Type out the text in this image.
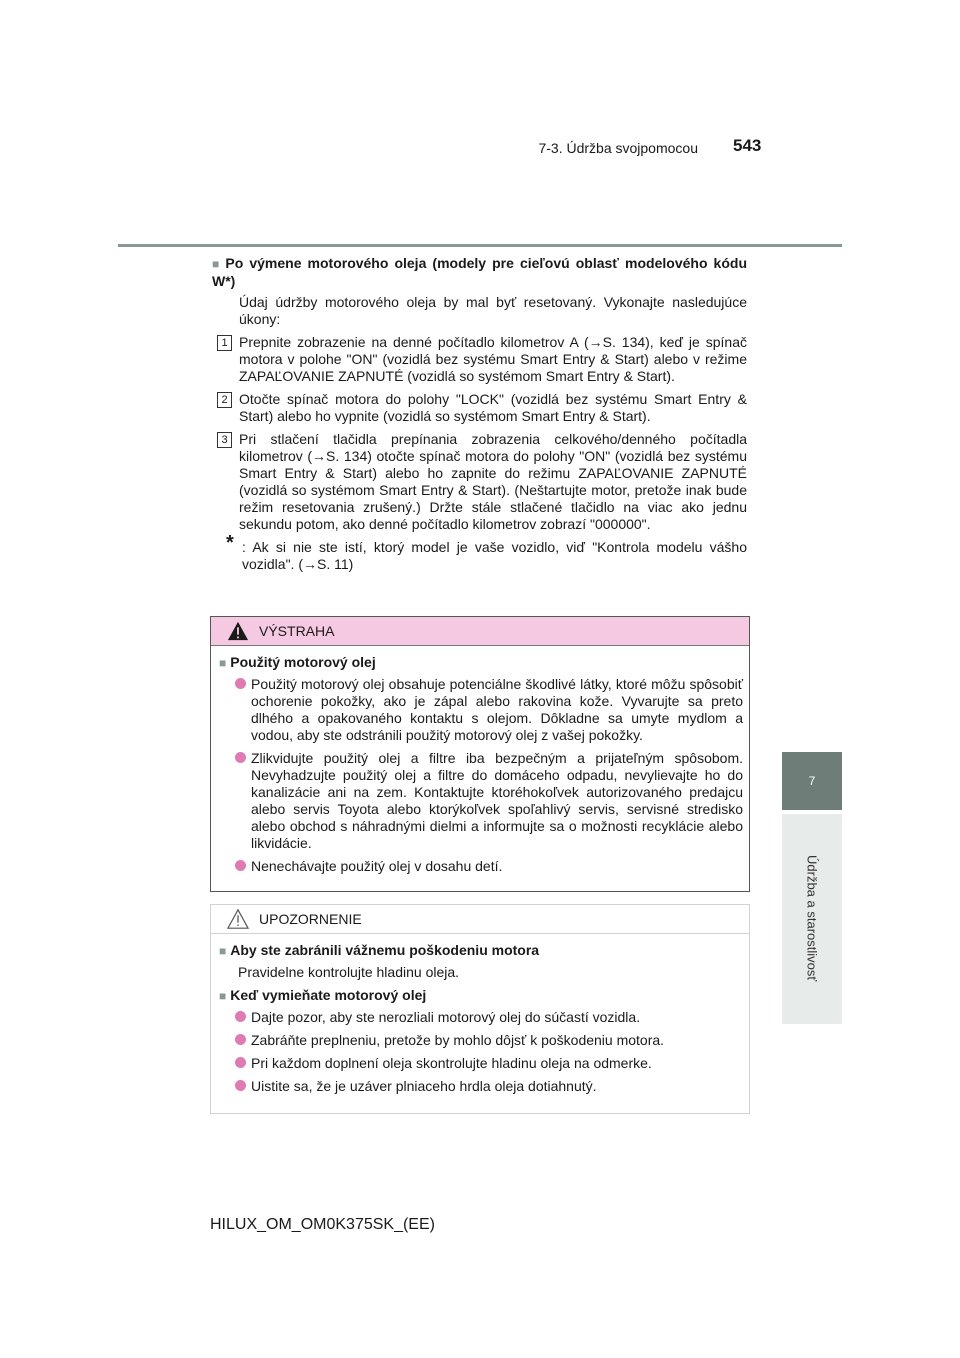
7-3. Údržba svojpomocou 543
7
Údržba a starostlivosť
■ Po výmene motorového oleja (modely pre cieľovú oblasť modelového kódu W*)
Údaj údržby motorového oleja by mal byť resetovaný. Vykonajte nasledujúce úkony:
1 Prepnite zobrazenie na denné počítadlo kilometrov A (→S. 134), keď je spínač motora v polohe "ON" (vozidlá bez systému Smart Entry & Start) alebo v režime ZAPAĽOVANIE ZAPNUTÉ (vozidlá so systémom Smart Entry & Start).
2 Otočte spínač motora do polohy "LOCK" (vozidlá bez systému Smart Entry & Start) alebo ho vypnite (vozidlá so systémom Smart Entry & Start).
3 Pri stlačení tlačidla prepínania zobrazenia celkového/denného počítadla kilometrov (→S. 134) otočte spínač motora do polohy "ON" (vozidlá bez systému Smart Entry & Start) alebo ho zapnite do režimu ZAPAĽOVANIE ZAPNUTÉ (vozidlá so systémom Smart Entry & Start). (Neštartujte motor, pretože inak bude režim resetovania zrušený.) Držte stále stlačené tlačidlo na viac ako jednu sekundu potom, ako denné počítadlo kilometrov zobrazí "000000".
* : Ak si nie ste istí, ktorý model je vaše vozidlo, viď "Kontrola modelu vášho vozidla". (→S. 11)
VÝSTRAHA
■ Použitý motorový olej
Použitý motorový olej obsahuje potenciálne škodlivé látky, ktoré môžu spôsobiť ochorenie pokožky, ako je zápal alebo rakovina kože. Vyvarujte sa preto dlhého a opakovaného kontaktu s olejom. Dôkladne sa umyte mydlom a vodou, aby ste odstránili použitý motorový olej z vašej pokožky.
Zlikvidujte použitý olej a filtre iba bezpečným a prijateľným spôsobom. Nevyhadzujte použitý olej a filtre do domáceho odpadu, nevylievajte ho do kanalizácie ani na zem. Kontaktujte ktoréhokoľvek autorizovaného predajcu alebo servis Toyota alebo ktorýkoľvek spoľahlivý servis, servisné stredisko alebo obchod s náhradnými dielmi a informujte sa o možnosti recyklácie alebo likvidácie.
Nenechávajte použitý olej v dosahu detí.
UPOZORNENIE
■ Aby ste zabránili vážnemu poškodeniu motora
Pravidelne kontrolujte hladinu oleja.
■ Keď vymieňate motorový olej
Dajte pozor, aby ste nerozliali motorový olej do súčastí vozidla.
Zabráňte preplneniu, pretože by mohlo dôjsť k poškodeniu motora.
Pri každom doplnení oleja skontrolujte hladinu oleja na odmerke.
Uistite sa, že je uzáver plniaceho hrdla oleja dotiahnutý.
HILUX_OM_OM0K375SK_(EE)
